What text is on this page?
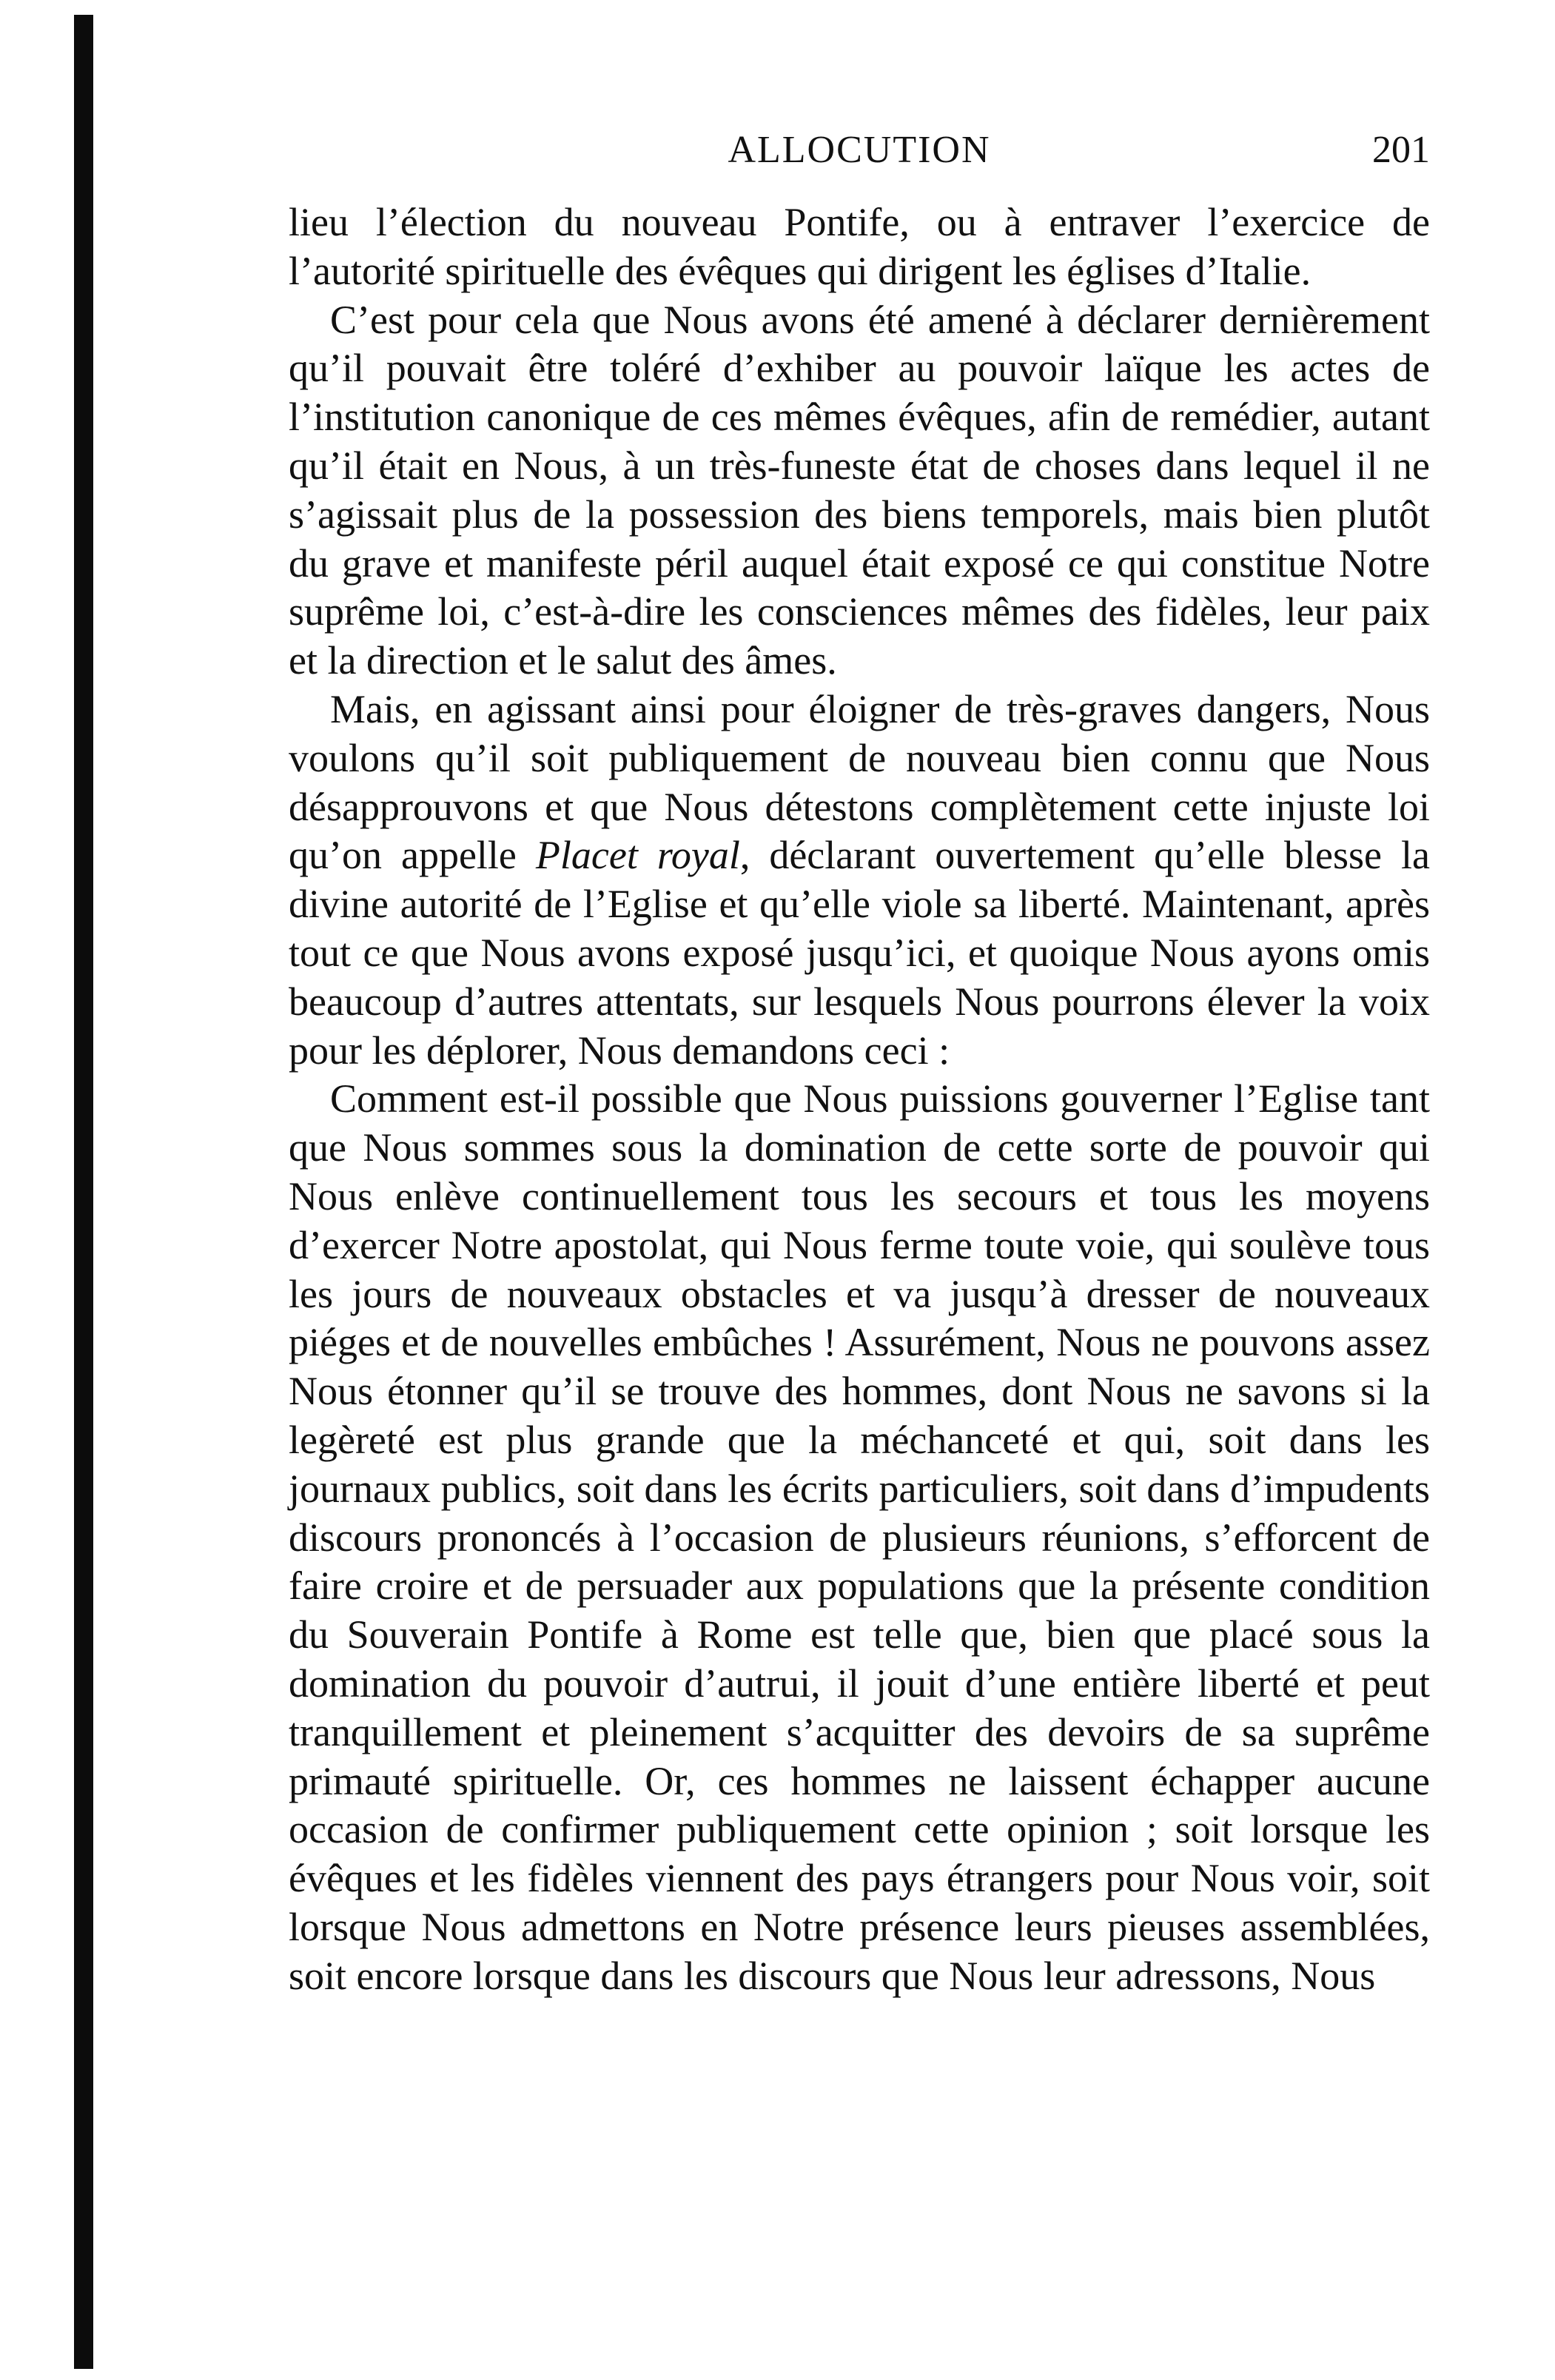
ALLOCUTION	201

lieu l’élection du nouveau Pontife, ou à entraver l’exercice de l’autorité spirituelle des évêques qui dirigent les églises d’Italie.

C’est pour cela que Nous avons été amené à déclarer dernièrement qu’il pouvait être toléré d’exhiber au pouvoir laïque les actes de l’institution canonique de ces mêmes évêques, afin de remédier, autant qu’il était en Nous, à un très-funeste état de choses dans lequel il ne s’agissait plus de la possession des biens temporels, mais bien plutôt du grave et manifeste péril auquel était exposé ce qui constitue Notre suprême loi, c’est-à-dire les consciences mêmes des fidèles, leur paix et la direction et le salut des âmes.

Mais, en agissant ainsi pour éloigner de très-graves dangers, Nous voulons qu’il soit publiquement de nouveau bien connu que Nous désapprouvons et que Nous détestons complètement cette injuste loi qu’on appelle Placet royal, déclarant ouvertement qu’elle blesse la divine autorité de l’Eglise et qu’elle viole sa liberté. Maintenant, après tout ce que Nous avons exposé jusqu’ici, et quoique Nous ayons omis beaucoup d’autres attentats, sur lesquels Nous pourrons élever la voix pour les déplorer, Nous demandons ceci :

Comment est-il possible que Nous puissions gouverner l’Eglise tant que Nous sommes sous la domination de cette sorte de pouvoir qui Nous enlève continuellement tous les secours et tous les moyens d’exercer Notre apostolat, qui Nous ferme toute voie, qui soulève tous les jours de nouveaux obstacles et va jusqu’à dresser de nouveaux piéges et de nouvelles embûches ! Assurément, Nous ne pouvons assez Nous étonner qu’il se trouve des hommes, dont Nous ne savons si la legèreté est plus grande que la méchanceté et qui, soit dans les journaux publics, soit dans les écrits particuliers, soit dans d’impudents discours prononcés à l’occasion de plusieurs réunions, s’efforcent de faire croire et de persuader aux populations que la présente condition du Souverain Pontife à Rome est telle que, bien que placé sous la domination du pouvoir d’autrui, il jouit d’une entière liberté et peut tranquillement et pleinement s’acquitter des devoirs de sa suprême primauté spirituelle. Or, ces hommes ne laissent échapper aucune occasion de confirmer publiquement cette opinion ; soit lorsque les évêques et les fidèles viennent des pays étrangers pour Nous voir, soit lorsque Nous admettons en Notre présence leurs pieuses assemblées, soit encore lorsque dans les discours que Nous leur adressons, Nous
